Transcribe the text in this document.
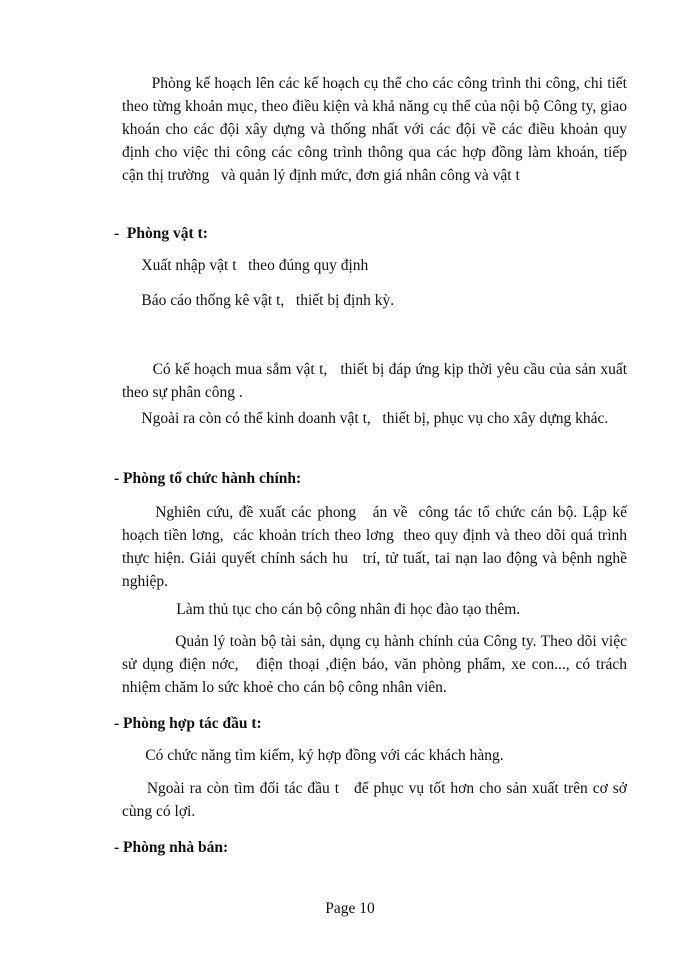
Phòng kế hoạch lên các kế hoạch cụ thể cho các công trình thi công, chi tiết theo từng khoản mục, theo điều kiện và khả năng cụ thể của nội bộ Công ty, giao khoán cho các đội xây dựng và thống nhất với các đội về các điều khoản quy định cho việc thi công các công trình thông qua các hợp đồng làm khoán, tiếp cận thị trường   và quản lý định mức, đơn giá nhân công và vật t

-  Phòng vật t:

Xuất nhập vật t   theo đúng quy định

Báo cáo thống kê vật t,   thiết bị định kỳ.

Có kế hoạch mua sắm vật t,   thiết bị đáp ứng kịp thời yêu cầu của sản xuất theo sự phân công .

Ngoài ra còn có thể kinh doanh vật t,   thiết bị, phục vụ cho xây dựng khác.

- Phòng tổ chức hành chính:

Nghiên cứu, đề xuất các phong   án về  công tác tổ chức cán bộ. Lập kế hoạch tiền lơng,  các khoản trích theo lơng  theo quy định và theo dõi quá trình thực hiện. Giải quyết chính sách hu   trí, tử tuất, tai nạn lao động và bệnh nghề nghiệp.

Làm thủ tục cho cán bộ công nhân đi học đào tạo thêm.

Quản lý toàn bộ tài sản, dụng cụ hành chính của Công ty. Theo dõi việc sử dụng điện nớc,   điện thoại ,điện báo, văn phòng phẩm, xe con..., có trách nhiệm chăm lo sức khoẻ cho cán bộ công nhân viên.

- Phòng hợp tác đầu t:

Có chức năng tìm kiếm, ký hợp đồng với các khách hàng.

Ngoài ra còn tìm đối tác đầu t   để phục vụ tốt hơn cho sản xuất trên cơ sở cùng có lợi.

- Phòng nhà bán:

Page 10
